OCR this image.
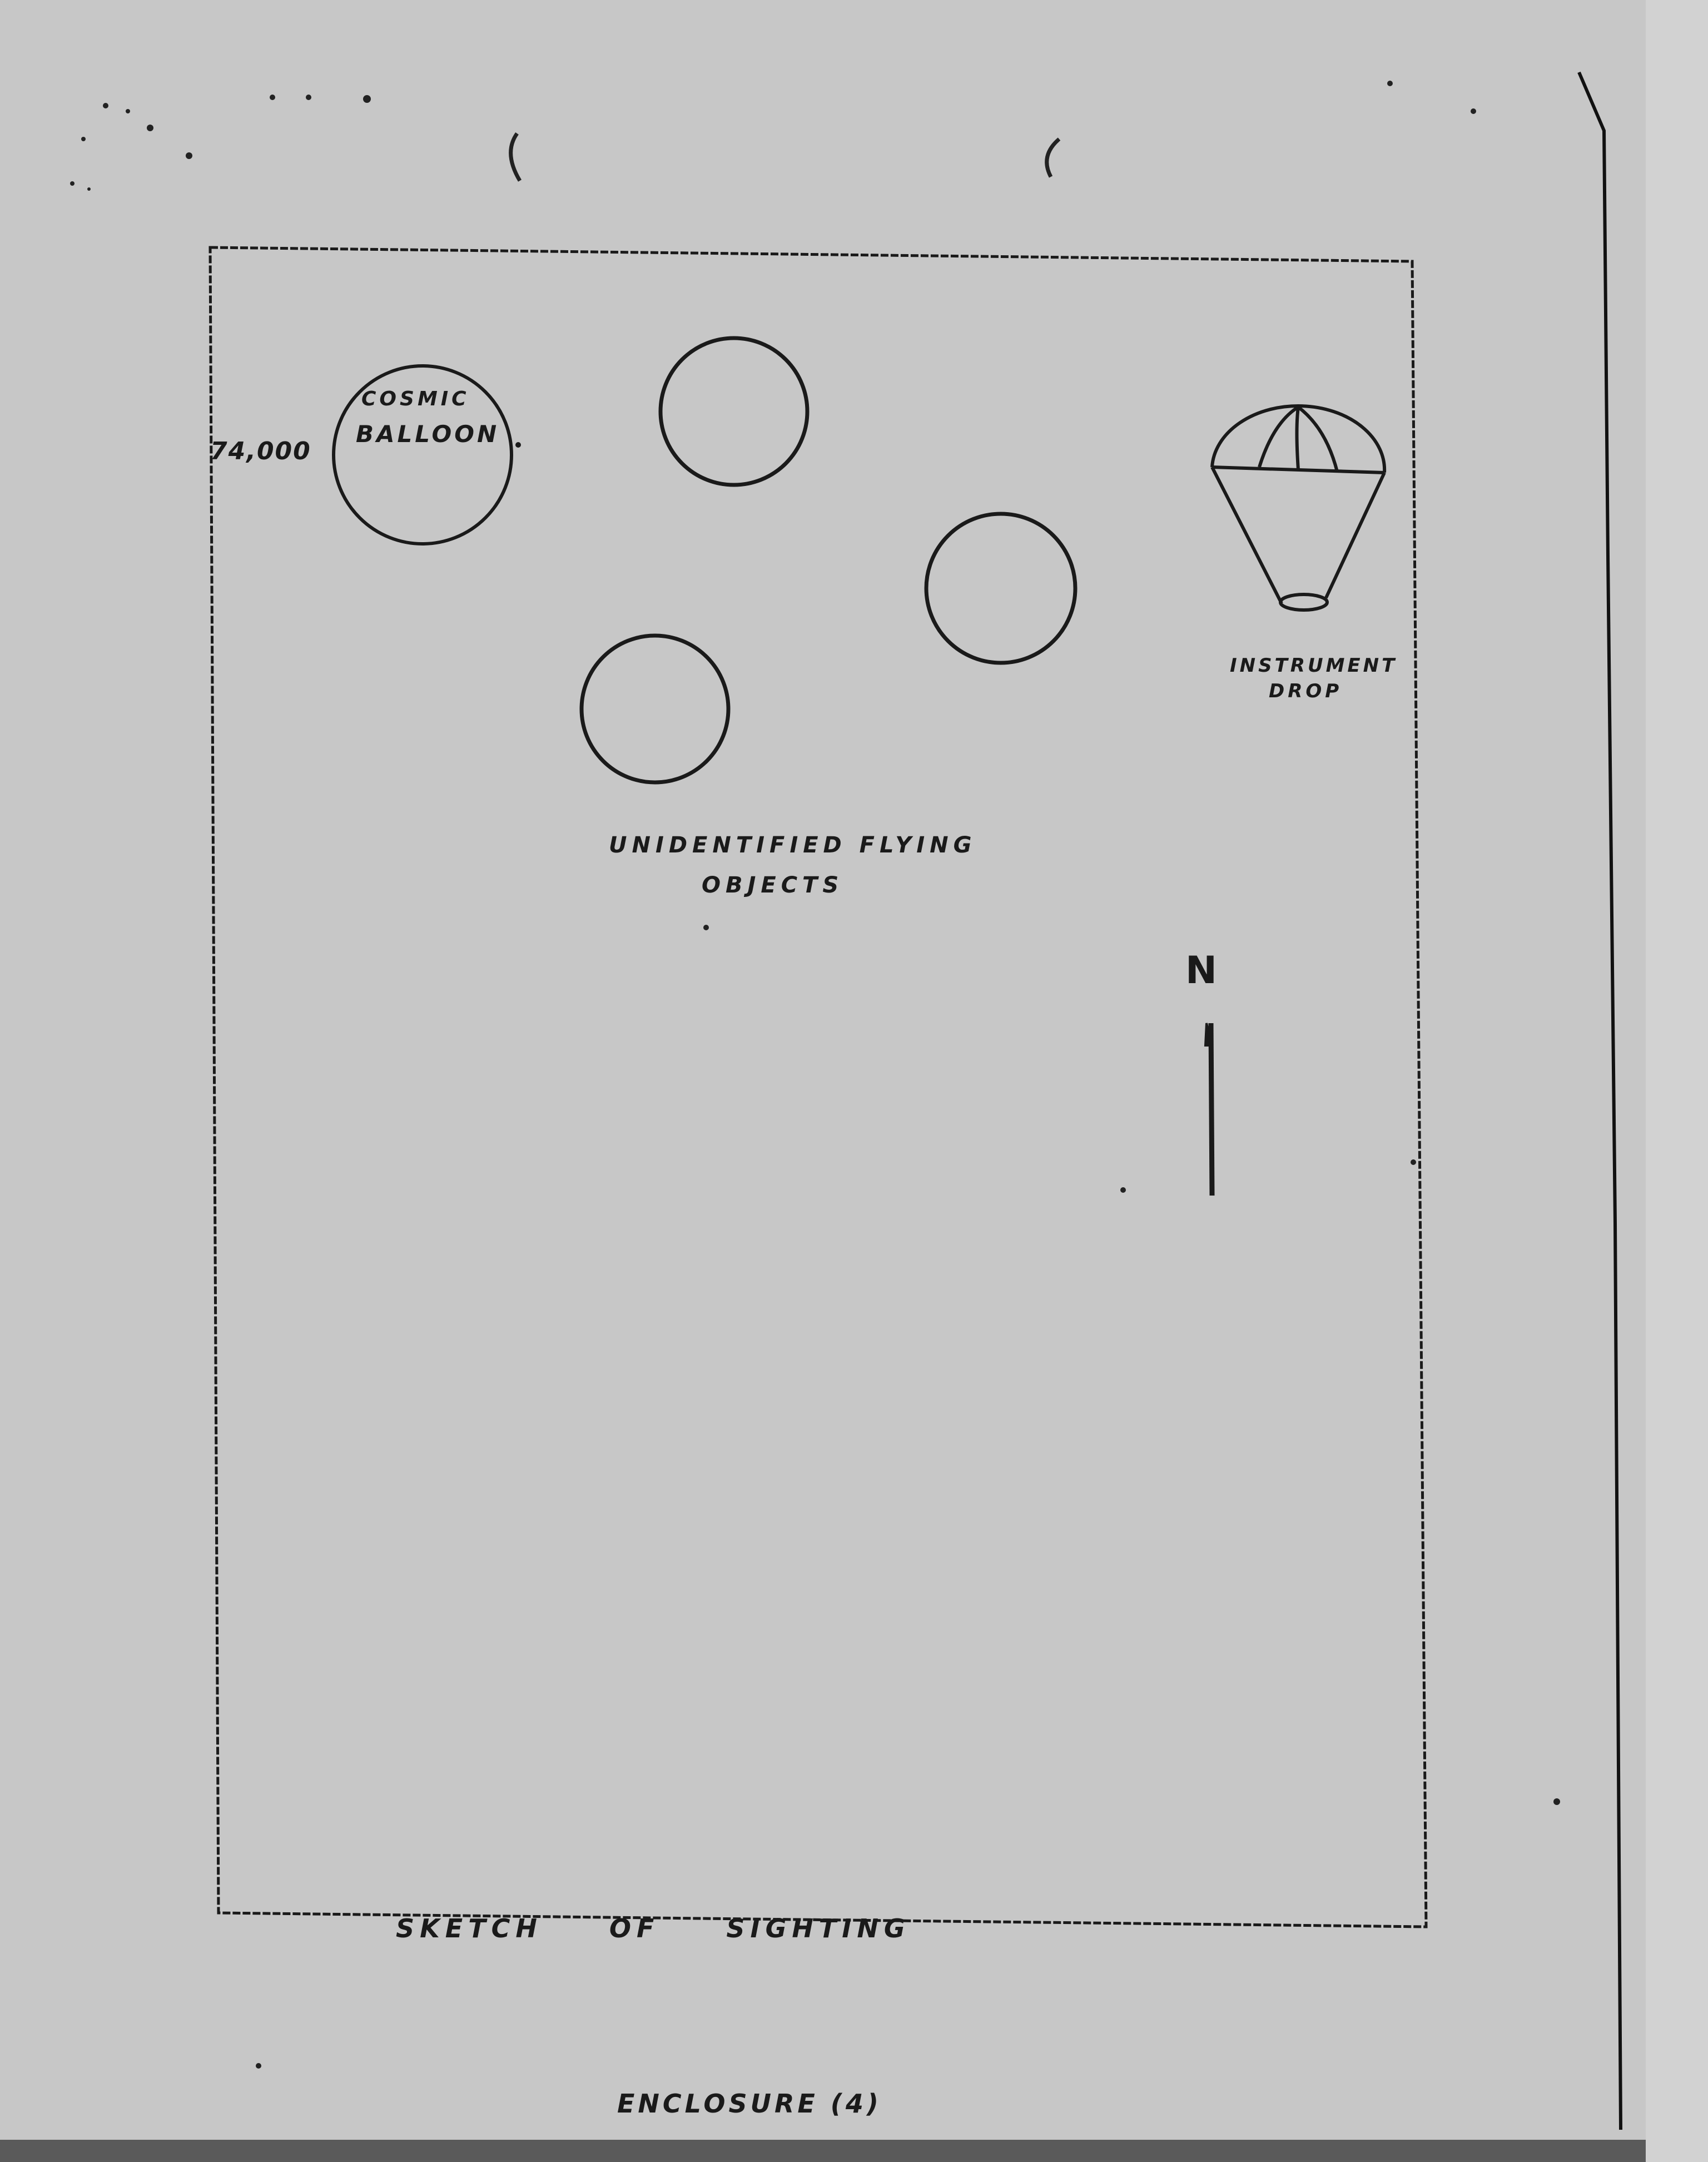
74,000
COSMIC
BALLOON
INSTRUMENT
DROP
UNIDENTIFIED FLYING
OBJECTS
N
SKETCH	OF	SIGHTING
ENCLOSURE (4)
